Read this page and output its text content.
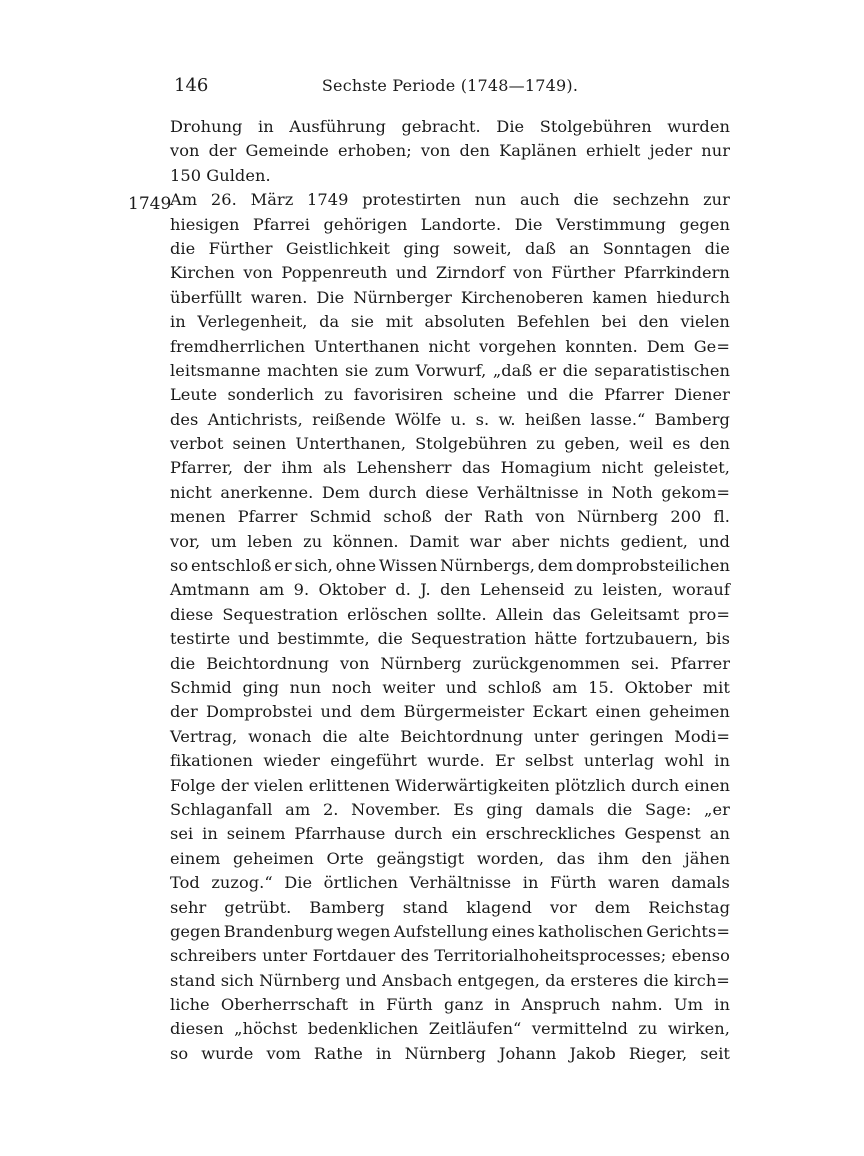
146	Sechste Periode (1748—1749).
1749
Drohung in Ausführung gebracht. Die Stolgebühren wurden
von der Gemeinde erhoben; von den Kaplänen erhielt jeder nur
150 Gulden.
Am 26. März 1749 protestirten nun auch die sechzehn zur
hiesigen Pfarrei gehörigen Landorte. Die Verstimmung gegen
die Fürther Geistlichkeit ging soweit, daß an Sonntagen die
Kirchen von Poppenreuth und Zirndorf von Fürther Pfarrkindern
überfüllt waren. Die Nürnberger Kirchenoberen kamen hiedurch
in Verlegenheit, da sie mit absoluten Befehlen bei den vielen
fremdherrlichen Unterthanen nicht vorgehen konnten. Dem Ge=
leitsmanne machten sie zum Vorwurf, „daß er die separatistischen
Leute sonderlich zu favorisiren scheine und die Pfarrer Diener
des Antichrists, reißende Wölfe u. s. w. heißen lasse.“ Bamberg
verbot seinen Unterthanen, Stolgebühren zu geben, weil es den
Pfarrer, der ihm als Lehensherr das Homagium nicht geleistet,
nicht anerkenne. Dem durch diese Verhältnisse in Noth gekom=
menen Pfarrer Schmid schoß der Rath von Nürnberg 200 fl.
vor, um leben zu können. Damit war aber nichts gedient, und
so entschloß er sich, ohne Wissen Nürnbergs, dem domprobsteilichen
Amtmann am 9. Oktober d. J. den Lehenseid zu leisten, worauf
diese Sequestration erlöschen sollte. Allein das Geleitsamt pro=
testirte und bestimmte, die Sequestration hätte fortzubauern, bis
die Beichtordnung von Nürnberg zurückgenommen sei. Pfarrer
Schmid ging nun noch weiter und schloß am 15. Oktober mit
der Domprobstei und dem Bürgermeister Eckart einen geheimen
Vertrag, wonach die alte Beichtordnung unter geringen Modi=
fikationen wieder eingeführt wurde. Er selbst unterlag wohl in
Folge der vielen erlittenen Widerwärtigkeiten plötzlich durch einen
Schlaganfall am 2. November. Es ging damals die Sage: „er
sei in seinem Pfarrhause durch ein erschreckliches Gespenst an
einem geheimen Orte geängstigt worden, das ihm den jähen
Tod zuzog.“ Die örtlichen Verhältnisse in Fürth waren damals
sehr getrübt. Bamberg stand klagend vor dem Reichstag
gegen Brandenburg wegen Aufstellung eines katholischen Gerichts=
schreibers unter Fortdauer des Territorialhoheitsprocesses; ebenso
stand sich Nürnberg und Ansbach entgegen, da ersteres die kirch=
liche Oberherrschaft in Fürth ganz in Anspruch nahm. Um in
diesen „höchst bedenklichen Zeitläufen“ vermittelnd zu wirken,
so wurde vom Rathe in Nürnberg Johann Jakob Rieger, seit
